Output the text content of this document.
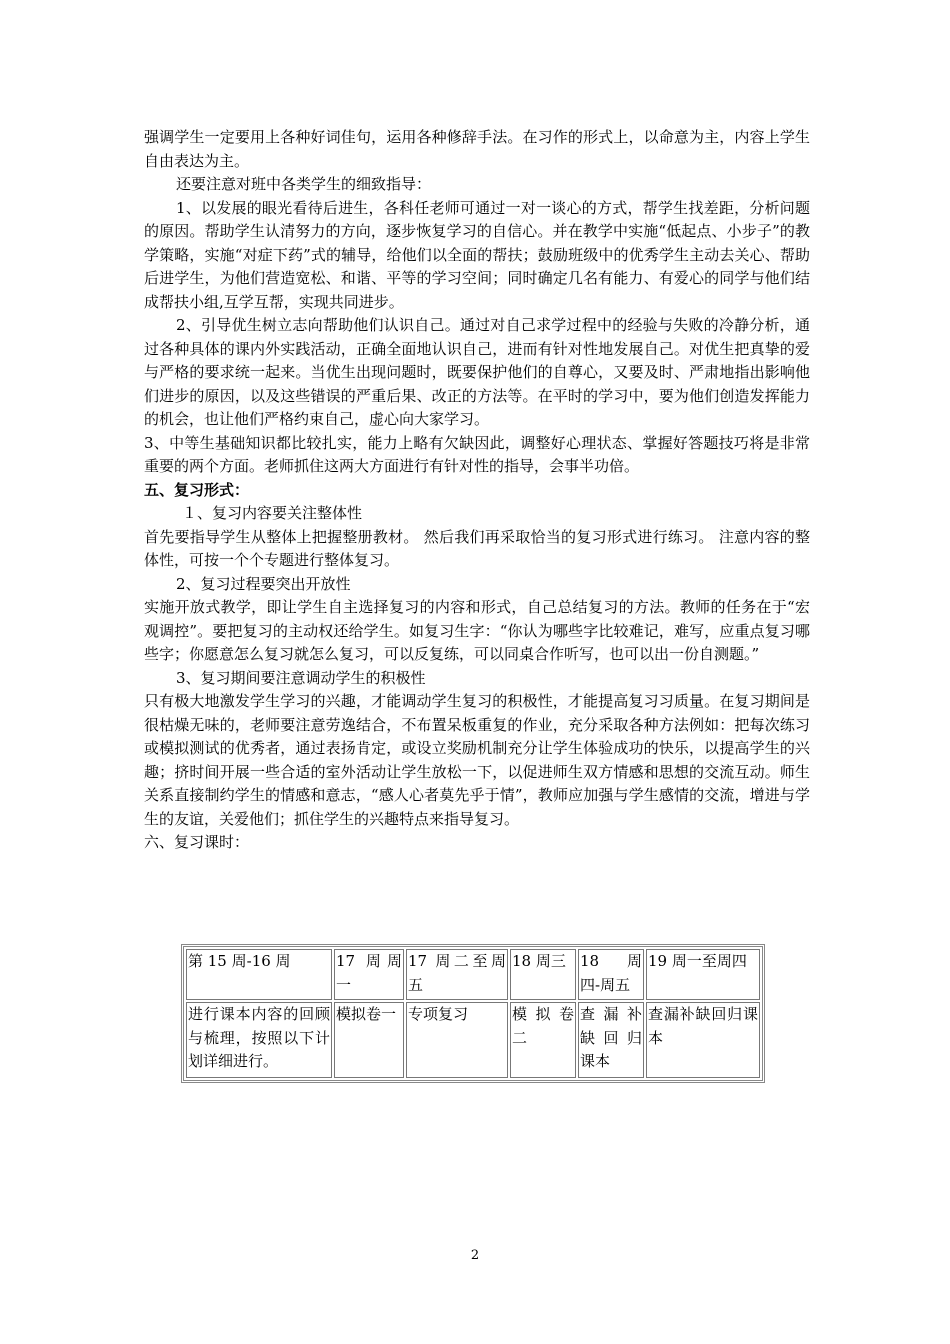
强调学生一定要用上各种好词佳句，运用各种修辞手法。在习作的形式上，以命意为主，内容上学生自由表达为主。

还要注意对班中各类学生的细致指导：

1、以发展的眼光看待后进生，各科任老师可通过一对一谈心的方式，帮学生找差距，分析问题的原因。帮助学生认清努力的方向，逐步恢复学习的自信心。并在教学中实施“低起点、小步子”的教学策略，实施“对症下药”式的辅导，给他们以全面的帮扶；鼓励班级中的优秀学生主动去关心、帮助后进学生，为他们营造宽松、和谐、平等的学习空间；同时确定几名有能力、有爱心的同学与他们结成帮扶小组,互学互帮，实现共同进步。

2、引导优生树立志向帮助他们认识自己。通过对自己求学过程中的经验与失败的冷静分析，通过各种具体的课内外实践活动，正确全面地认识自己，进而有针对性地发展自己。对优生把真挚的爱与严格的要求统一起来。当优生出现问题时，既要保护他们的自尊心，又要及时、严肃地指出影响他们进步的原因，以及这些错误的严重后果、改正的方法等。在平时的学习中，要为他们创造发挥能力的机会，也让他们严格约束自己，虚心向大家学习。

3、中等生基础知识都比较扎实，能力上略有欠缺因此，调整好心理状态、掌握好答题技巧将是非常重要的两个方面。老师抓住这两大方面进行有针对性的指导，会事半功倍。

五、复习形式：

１、复习内容要关注整体性

首先要指导学生从整体上把握整册教材。 然后我们再采取恰当的复习形式进行练习。 注意内容的整体性，可按一个个专题进行整体复习。

2、复习过程要突出开放性

实施开放式教学，即让学生自主选择复习的内容和形式，自己总结复习的方法。教师的任务在于“宏观调控”。要把复习的主动权还给学生。如复习生字：“你认为哪些字比较难记，难写，应重点复习哪些字；你愿意怎么复习就怎么复习，可以反复练，可以同桌合作听写，也可以出一份自测题。”

3、复习期间要注意调动学生的积极性

只有极大地激发学生学习的兴趣，才能调动学生复习的积极性，才能提高复习习质量。在复习期间是很枯燥无味的，老师要注意劳逸结合，不布置呆板重复的作业，充分采取各种方法例如：把每次练习或模拟测试的优秀者，通过表扬肯定，或设立奖励机制充分让学生体验成功的快乐，以提高学生的兴趣；挤时间开展一些合适的室外活动让学生放松一下，以促进师生双方情感和思想的交流互动。师生关系直接制约学生的情感和意志，“感人心者莫先乎于情”，教师应加强与学生感情的交流，增进与学生的友谊，关爱他们；抓住学生的兴趣特点来指导复习。

六、复习课时：

第 15 周-16 周	17 周周一	17 周二至周五	18 周三	18 周 四-周五	19 周一至周四
进行课本内容的回顾与梳理，按照以下计划详细进行。	模拟卷一	专项复习	模 拟 卷二	查 漏 补缺 回 归课本	查漏补缺回归课本
2
